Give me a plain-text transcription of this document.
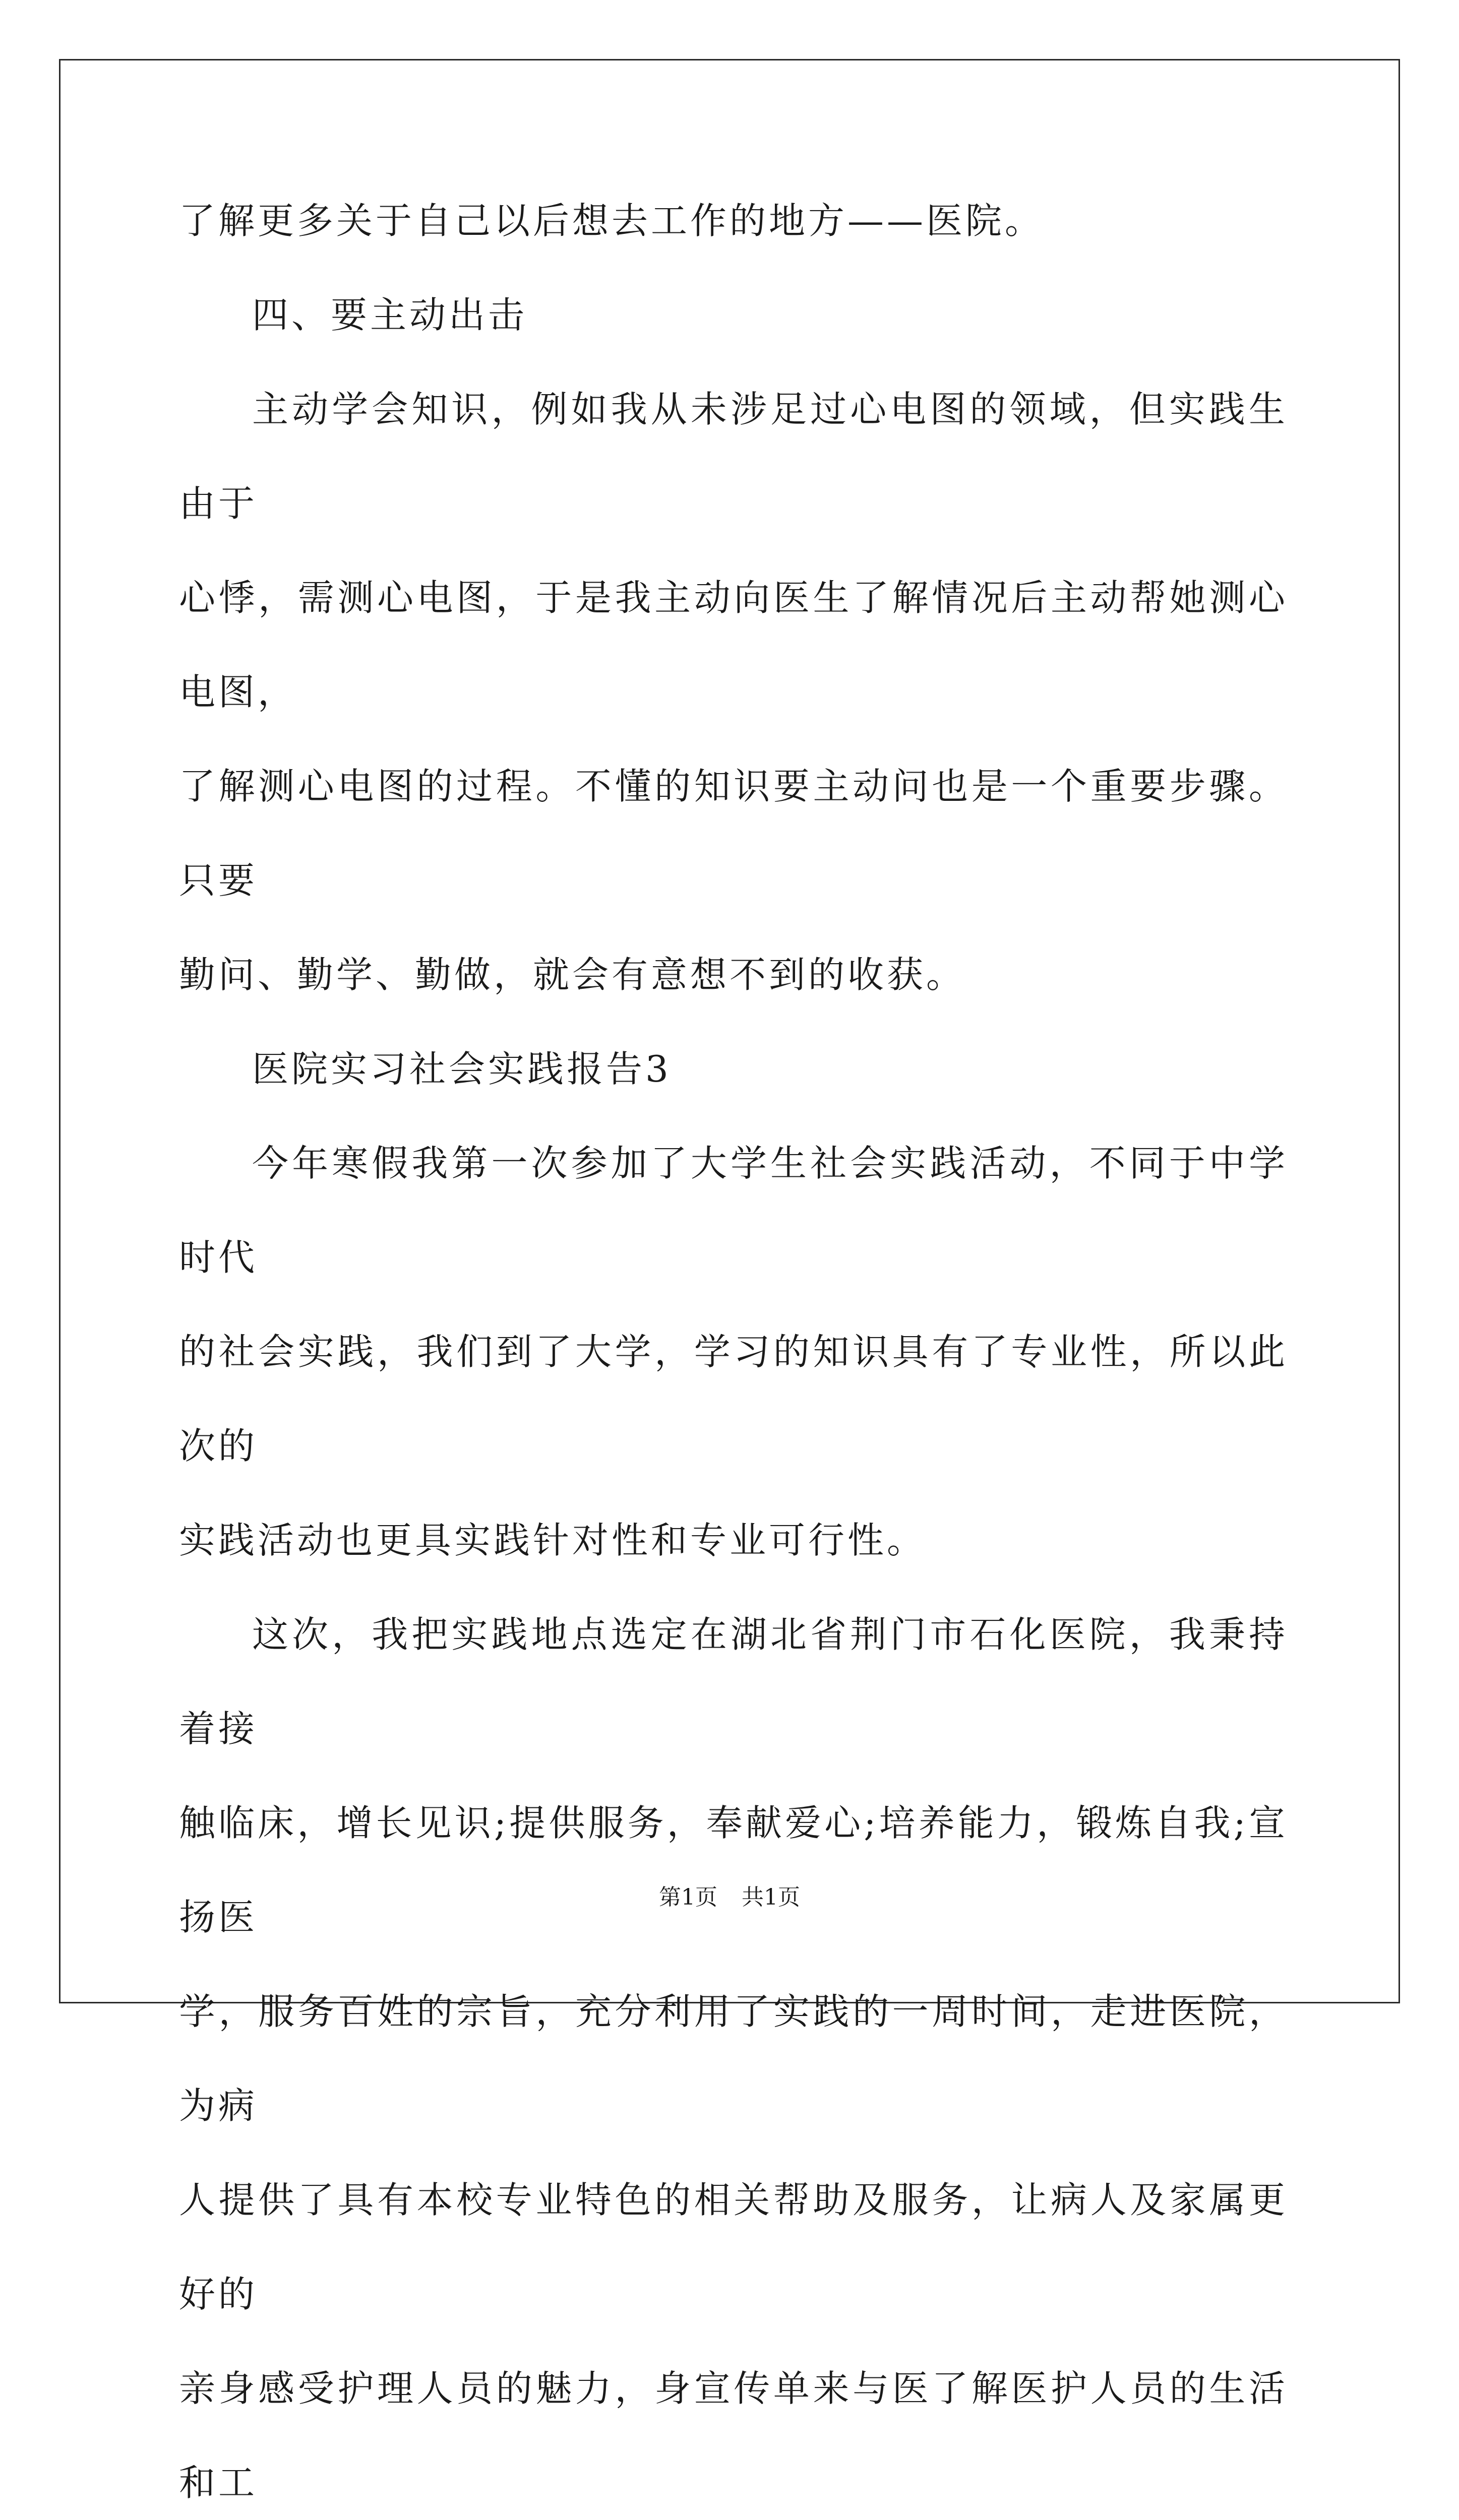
了解更多关于自己以后想去工作的地方——医院。

四、要主动出击

主动学会知识，例如我从未涉足过心电图的领域，但实践生由于

心悸，需测心电图，于是我主动向医生了解情况后主动帮她测心电图，

了解测心电图的过程。不懂的知识要主动问也是一个重要步骤。只要

勤问、勤学、勤做，就会有意想不到的收获。

医院实习社会实践报告3

今年寒假我第一次参加了大学生社会实践活动，不同于中学时代

的社会实践，我们到了大学，学习的知识具有了专业性，所以此次的

实践活动也更具实践针对性和专业可行性。

这次，我把实践地点选定在湖北省荆门市石化医院，我秉持着接

触临床，增长见识;提供服务，奉献爱心;培养能力，锻炼自我;宣扬医

学，服务百姓的宗旨，充分利用了实践的一周时间，走进医院，为病

人提供了具有本校专业特色的相关帮助及服务，让病人及家属更好的

亲身感受护理人员的魅力，身宣传单来与医了解医护人员的生活和工

第1页 共1页
